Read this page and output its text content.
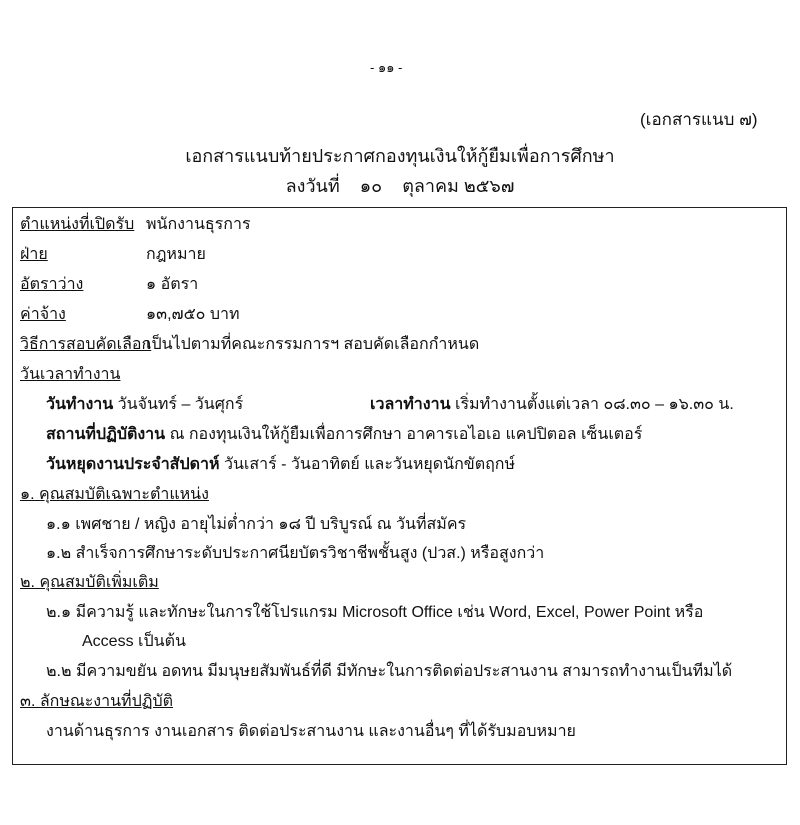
- ๑๑ -
(เอกสารแนบ ๗)
เอกสารแนบท้ายประกาศกองทุนเงินให้กู้ยืมเพื่อการศึกษา
ลงวันที่ ๑๐ ตุลาคม ๒๕๖๗
ตำแหน่งที่เปิดรับ พนักงานธุรการ
ฝ่าย	กฎหมาย
อัตราว่าง	๑ อัตรา
ค่าจ้าง	๑๓,๗๕๐ บาท
วิธีการสอบคัดเลือก
เป็นไปตามที่คณะกรรมการฯ สอบคัดเลือกกำหนด
วันเวลาทำงาน
วันทำงาน วันจันทร์ – วันศุกร์	เวลาทำงาน เริ่มทำงานตั้งแต่เวลา ๐๘.๓๐ – ๑๖.๓๐ น.
สถานที่ปฏิบัติงาน ณ กองทุนเงินให้กู้ยืมเพื่อการศึกษา อาคารเอไอเอ แคปปิตอล เซ็นเตอร์
วันหยุดงานประจำสัปดาห์ วันเสาร์ - วันอาทิตย์ และวันหยุดนักขัตฤกษ์
๑. คุณสมบัติเฉพาะตำแหน่ง
๑.๑ เพศชาย / หญิง อายุไม่ต่ำกว่า ๑๘ ปี บริบูรณ์ ณ วันที่สมัคร
๑.๒ สำเร็จการศึกษาระดับประกาศนียบัตรวิชาชีพชั้นสูง (ปวส.) หรือสูงกว่า
๒. คุณสมบัติเพิ่มเติม
๒.๑ มีความรู้ และทักษะในการใช้โปรแกรม Microsoft Office เช่น Word, Excel, Power Point หรือ
Access เป็นต้น
๒.๒ มีความขยัน อดทน มีมนุษยสัมพันธ์ที่ดี มีทักษะในการติดต่อประสานงาน สามารถทำงานเป็นทีมได้
๓. ลักษณะงานที่ปฏิบัติ
งานด้านธุรการ งานเอกสาร ติดต่อประสานงาน และงานอื่นๆ ที่ได้รับมอบหมาย
